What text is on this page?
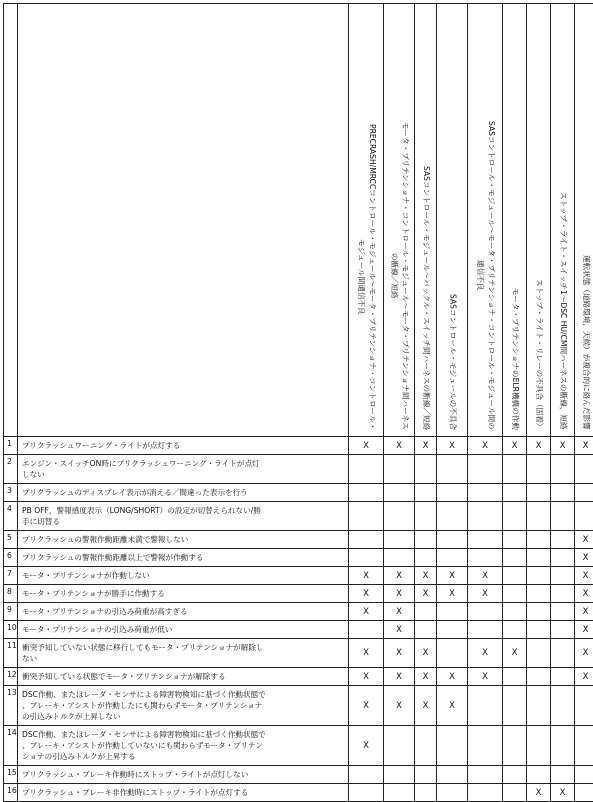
		PRECRASH/MRCCコントロール・モジュール～モータ・プリテンショナ・コントロール・
モジュール間通信不良	モータ・プリテンショナ・コントロール・モジュール～モータ・プリテンショナ間ハーネス
の断線／短絡	SASコントロール・モジュール～バックル・スイッチ間ハーネスの断線／短絡	SASコントロール・モジュールの不具合	SASコントロール・モジュール～モータ・プリテンショナ・コントロール・モジュール間の
通信不良	モータ・プリテンショナのELR機構の作動	ストップ・ライト・リレーの不具合（固着）	ストップ・ライト・スイッチ1～DSC HU/CM間ハーネスの断線，短絡	運転状態（道路環境，天候）が複合的に絡んだ影響
1	プリクラッシュワーニング・ライトが点灯する	X	X	X	X	X	X	X	X	X
2	エンジン・スイッチON時にプリクラッシュワーニング・ライトが点灯
しない									
3	プリクラッシュのディスプレイ表示が消える／間違った表示を行う									
4	PB OFF，警報感度表示（LONG/SHORT）の設定が切替えられない/勝
手に切替る									
5	プリクラッシュの警報作動距離未満で警報しない									X
6	プリクラッシュの警報作動距離以上で警報が作動する									X
7	モータ・プリテンショナが作動しない	X	X	X	X	X				X
8	モータ・プリテンショナが勝手に作動する	X	X	X	X	X				X
9	モータ・プリテンショナの引込み荷重が高すぎる	X	X							X
10	モータ・プリテンショナの引込み荷重が低い		X							X
11	衝突予知していない状態に移行してもモータ・プリテンショナが解除し
ない	X	X	X		X	X			X
12	衝突予知している状態でモータ・プリテンショナが解除する	X	X	X	X	X				X
13	DSC作動、またはレーダ・センサによる障害物検知に基づく作動状態で
、ブレーキ・アシストが作動したにも関わらずモータ・プリテンショナ
の引込みトルクが上昇しない	X	X	X	X					
14	DSC作動、またはレーダ・センサによる障害物検知に基づく作動状態で
、ブレーキ・アシストが作動していないにも関わらずモータ・プリテン
ショナの引込みトルクが上昇する	X								
15	プリクラッシュ・ブレーキ作動時にストップ・ライトが点灯しない									
16	プリクラッシュ・ブレーキ非作動時にストップ・ライトが点灯する							X	X	
